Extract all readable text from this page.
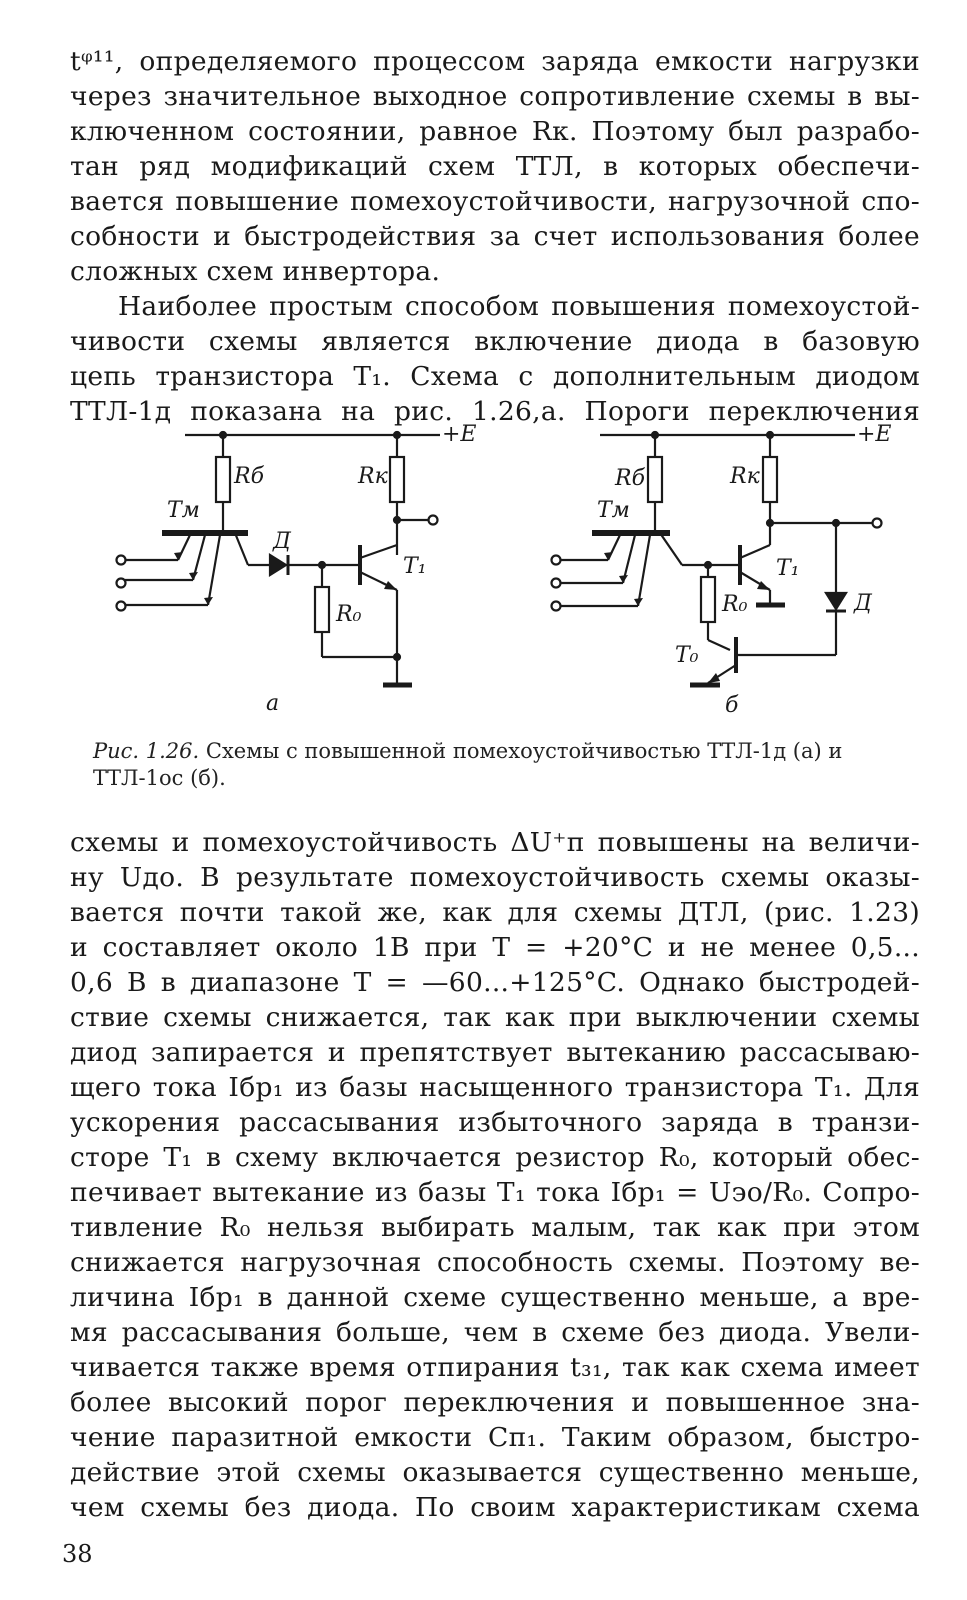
tᵠ¹¹, определяемого процессом заряда емкости нагрузки
через значительное выходное сопротивление схемы в вы-
ключенном состоянии, равное Rк. Поэтому был разрабо-
тан ряд модификаций схем ТТЛ, в которых обеспечи-
вается повышение помехоустойчивости, нагрузочной спо-
собности и быстродействия за счет использования более
сложных схем инвертора.
Наиболее простым способом повышения помехоустой-
чивости схемы является включение диода в базовую
цепь транзистора T₁. Схема с дополнительным диодом
ТТЛ-1д показана на рис. 1.26,а. Пороги переключения
+E
Rб	Rк
Tм
Д
R₀
T₁
а
+E
Rб	Rк
Tм
Д
R₀
T₁
T₀
б
Рис. 1.26. Схемы с повышенной помехоустойчивостью ТТЛ-1д (а) и ТТЛ-1ос (б).
схемы и помехоустойчивость ΔU⁺п повышены на величи-
ну Uдо. В результате помехоустойчивость схемы оказы-
вается почти такой же, как для схемы ДТЛ, (рис. 1.23)
и составляет около 1В при T = +20°C и не менее 0,5...
0,6 В в диапазоне T = —60...+125°C. Однако быстродей-
ствие схемы снижается, так как при выключении схемы
диод запирается и препятствует вытеканию рассасываю-
щего тока Iбр₁ из базы насыщенного транзистора T₁. Для
ускорения рассасывания избыточного заряда в транзи-
сторе T₁ в схему включается резистор R₀, который обес-
печивает вытекание из базы T₁ тока Iбр₁ = Uэо/R₀. Сопро-
тивление R₀ нельзя выбирать малым, так как при этом
снижается нагрузочная способность схемы. Поэтому ве-
личина Iбр₁ в данной схеме существенно меньше, а вре-
мя рассасывания больше, чем в схеме без диода. Увели-
чивается также время отпирания t₃₁, так как схема имеет
более высокий порог переключения и повышенное зна-
чение паразитной емкости Cп₁. Таким образом, быстро-
действие этой схемы оказывается существенно меньше,
чем схемы без диода. По своим характеристикам схема
38
